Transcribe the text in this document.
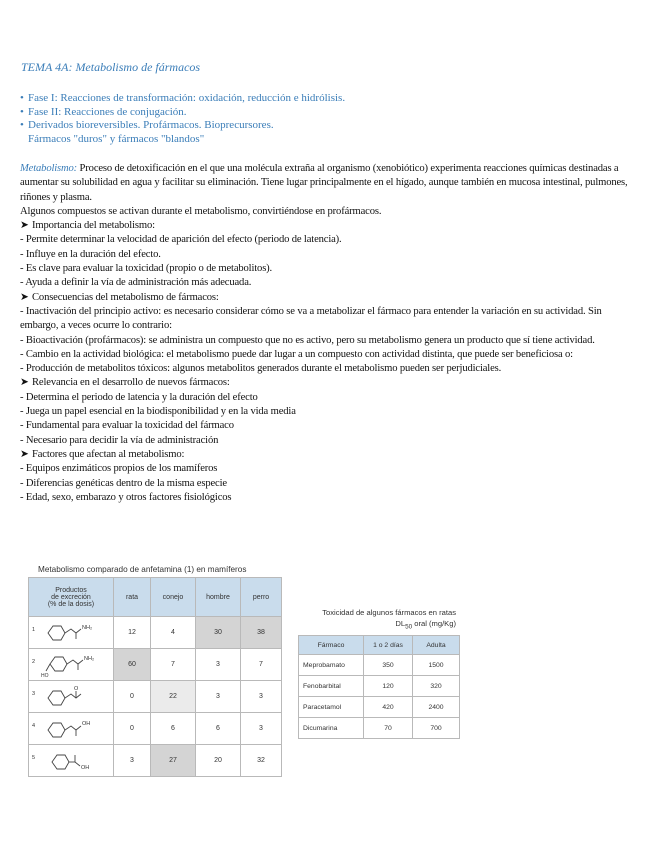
TEMA 4A: Metabolismo de fármacos
• Fase I: Reacciones de transformación: oxidación, reducción e hidrólisis.
• Fase II: Reacciones de conjugación.
• Derivados bioreversibles. Profármacos. Bioprecursores.
Fármacos "duros" y fármacos "blandos"
Metabolismo: Proceso de detoxificación en el que una molécula extraña al organismo (xenobiótico) experimenta reacciones químicas destinadas a aumentar su solubilidad en agua y facilitar su eliminación. Tiene lugar principalmente en el hígado, aunque también en mucosa intestinal, pulmones, riñones y plasma.
Algunos compuestos se activan durante el metabolismo, convirtiéndose en profármacos.
➤ Importancia del metabolismo:
- Permite determinar la velocidad de aparición del efecto (periodo de latencia).
- Influye en la duración del efecto.
- Es clave para evaluar la toxicidad (propio o de metabolitos).
- Ayuda a definir la vía de administración más adecuada.
➤ Consecuencias del metabolismo de fármacos:
- Inactivación del principio activo: es necesario considerar cómo se va a metabolizar el fármaco para entender la variación en su actividad. Sin embargo, a veces ocurre lo contrario:
- Bioactivación (profármacos): se administra un compuesto que no es activo, pero su metabolismo genera un producto que sí tiene actividad.
- Cambio en la actividad biológica: el metabolismo puede dar lugar a un compuesto con actividad distinta, que puede ser beneficiosa o:
- Producción de metabolitos tóxicos: algunos metabolitos generados durante el metabolismo pueden ser perjudiciales.
➤ Relevancia en el desarrollo de nuevos fármacos:
- Determina el periodo de latencia y la duración del efecto
- Juega un papel esencial en la biodisponibilidad y en la vida media
- Fundamental para evaluar la toxicidad del fármaco
- Necesario para decidir la vía de administración
➤ Factores que afectan al metabolismo:
- Equipos enzimáticos propios de los mamíferos
- Diferencias genéticas dentro de la misma especie
- Edad, sexo, embarazo y otros factores fisiológicos
Metabolismo comparado de anfetamina (1) en mamíferos
Productos
de excreción
(% de la dosis)	rata	conejo	hombre	perro

1 NH₂	12	4	30	38

2
NH₂
HO	60	7	3	7

3
O	0	22	3	3

4 OH	0	6	6	3

5
OH	3	27	20	32
Toxicidad de algunos fármacos en ratas
$DL_{50}$ oral (mg/Kg)
Fármaco	1 o 2 días	Adulta
Meprobamato	350	1500
Fenobarbital	120	320
Paracetamol	420	2400
Dicumarina	70	700
